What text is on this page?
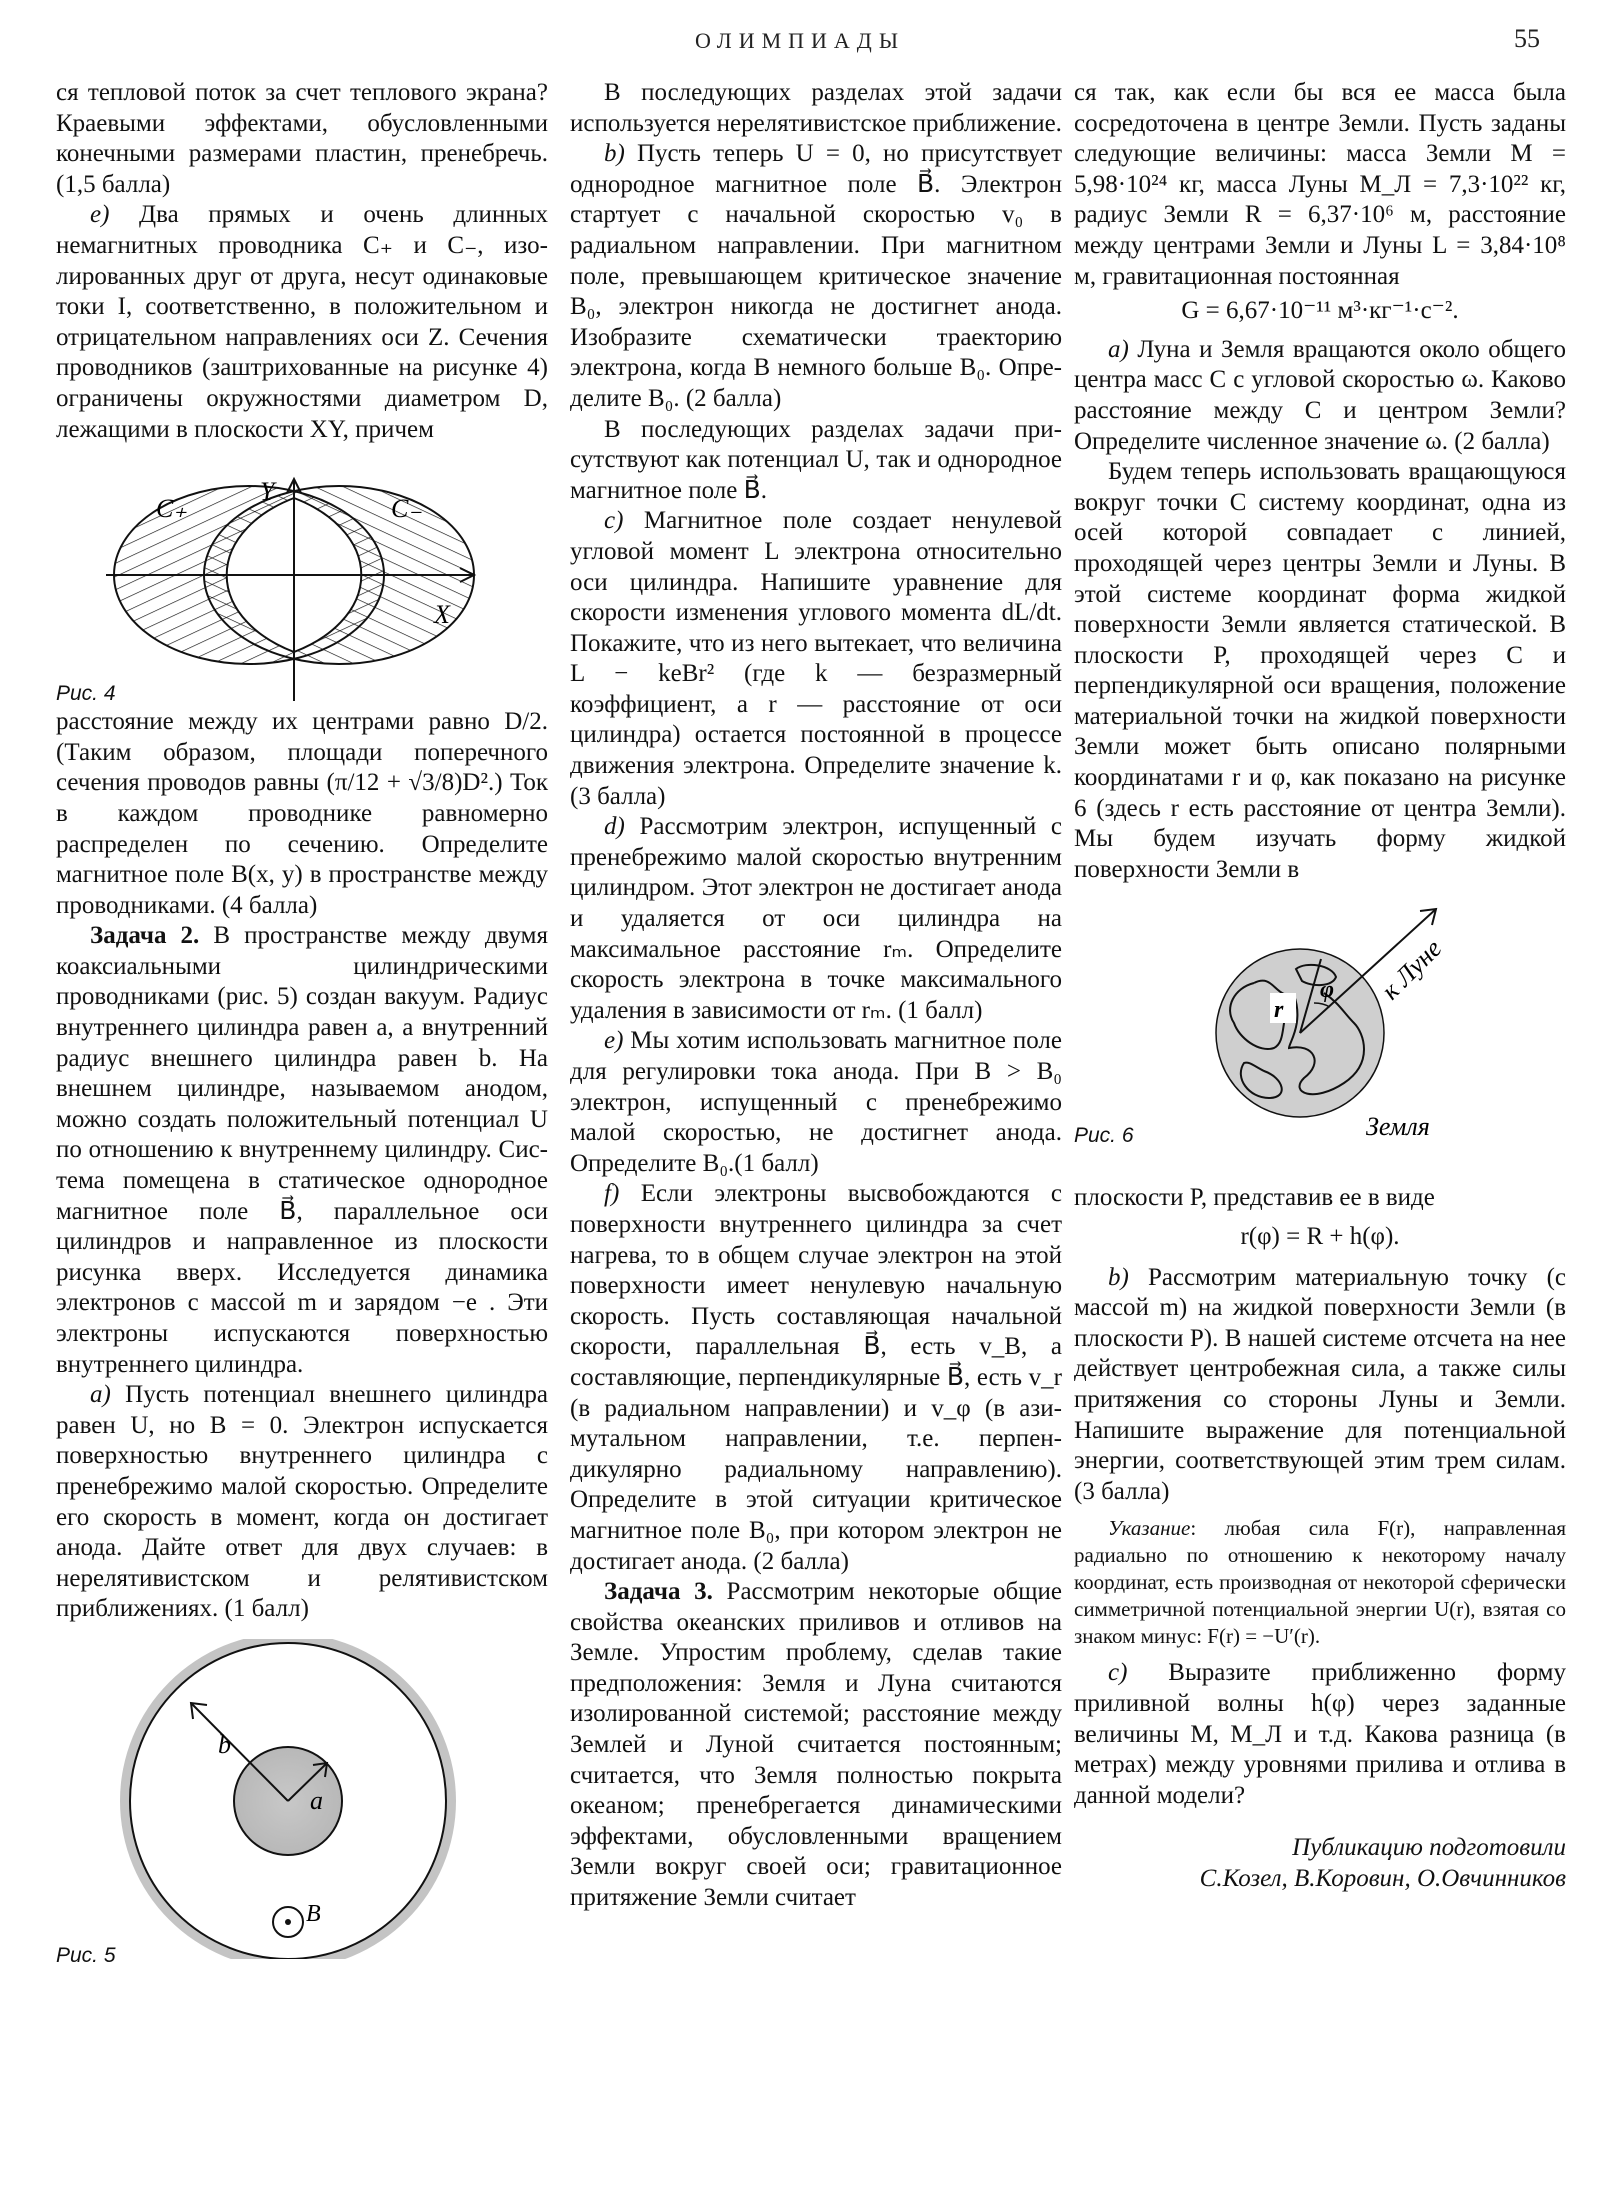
ОЛИМПИАДЫ	55

ся тепловой поток за счет теплового экрана? Краевыми эффектами, обусловленными конечными размерами пластин, пренебречь. (1,5 балла)

e) Два прямых и очень длинных немагнитных проводника C₊ и C₋, изолированных друг от друга, несут одинаковые токи I, соответственно, в положительном и отрицательном направлениях оси Z. Сечения проводников (заштрихованные на рисунке 4) ограничены окружностями диаметром D, лежащими в плоскости XY, причем

Y
X
C₊	C₋
Рис. 4

расстояние между их центрами равно D/2. (Таким образом, площади поперечного сечения проводов равны (π/12 + √3/8)D².) Ток в каждом проводнике равномерно распределен по сечению. Определите магнитное поле B(x, y) в пространстве между проводниками. (4 балла)

Задача 2. В пространстве между двумя коаксиальными цилиндрическими проводниками (рис. 5) создан вакуум. Радиус внутреннего цилиндра равен a, а внутренний радиус внешнего цилиндра равен b. На внешнем цилиндре, называемом анодом, можно создать положительный потенциал U по отношению к внутреннему цилиндру. Система помещена в статическое однородное магнитное поле B⃗, параллельное оси цилиндров и направленное из плоскости рисунка вверх. Исследуется динамика электронов с массой m и зарядом −e . Эти электроны испускаются поверхностью внутреннего цилиндра.

a) Пусть потенциал внешнего цилиндра равен U, но B = 0. Электрон испускается поверхностью внутреннего цилиндра с пренебрежимо малой скоростью. Определите его скорость в момент, когда он достигает анода. Дайте ответ для двух случаев: в нерелятивистском и релятивистском приближениях. (1 балл)

b
a
B
Рис. 5

В последующих разделах этой задачи используется нерелятивистское приближение.

b) Пусть теперь U = 0, но присутствует однородное магнитное поле B⃗. Электрон стартует с начальной скоростью v₀ в радиальном направлении. При магнитном поле, превышающем критическое значение B₀, электрон никогда не достигнет анода. Изобразите схематически траекторию электрона, когда B немного больше B₀. Определите B₀. (2 балла)

В последующих разделах задачи присутствуют как потенциал U, так и однородное магнитное поле B⃗.

c) Магнитное поле создает ненулевой угловой момент L электрона относительно оси цилиндра. Напишите уравнение для скорости изменения углового момента dL/dt. Покажите, что из него вытекает, что величина L − keBr² (где k — безразмерный коэффициент, а r — расстояние от оси цилиндра) остается постоянной в процессе движения электрона. Определите значение k. (3 балла)

d) Рассмотрим электрон, испущенный с пренебрежимо малой скоростью внутренним цилиндром. Этот электрон не достигает анода и удаляется от оси цилиндра на максимальное расстояние rₘ. Определите скорость электрона в точке максимального удаления в зависимости от rₘ. (1 балл)

e) Мы хотим использовать магнитное поле для регулировки тока анода. При B > B₀ электрон, испущенный с пренебрежимо малой скоростью, не достигнет анода. Определите B₀.(1 балл)

f) Если электроны высвобождаются с поверхности внутреннего цилиндра за счет нагрева, то в общем случае электрон на этой поверхности имеет ненулевую начальную скорость. Пусть составляющая начальной скорости, параллельная B⃗, есть v_B, а составляющие, перпендикулярные B⃗, есть v_r (в радиальном направлении) и v_φ (в азимутальном направлении, т.е. перпендикулярно радиальному направлению). Определите в этой ситуации критическое магнитное поле B₀, при котором электрон не достигает анода. (2 балла)

Задача 3. Рассмотрим некоторые общие свойства океанских приливов и отливов на Земле. Упростим проблему, сделав такие предположения: Земля и Луна считаются изолированной системой; расстояние между Землей и Луной считается постоянным; считается, что Земля полностью покрыта океаном; пренебрегается динамическими эффектами, обусловленными вращением Земли вокруг своей оси; гравитационное притяжение Земли считает

ся так, как если бы вся ее масса была сосредоточена в центре Земли. Пусть заданы следующие величины: масса Земли M = 5,98·10²⁴ кг, масса Луны M_Л = 7,3·10²² кг, радиус Земли R = 6,37·10⁶ м, расстояние между центрами Земли и Луны L = 3,84·10⁸ м, гравитационная постоянная

G = 6,67·10⁻¹¹ м³·кг⁻¹·с⁻².

a) Луна и Земля вращаются около общего центра масс C с угловой скоростью ω. Каково расстояние между C и центром Земли? Определите численное значение ω. (2 балла)

Будем теперь использовать вращающуюся вокруг точки C систему координат, одна из осей которой совпадает с линией, проходящей через центры Земли и Луны. В этой системе координат форма жидкой поверхности Земли является статической. В плоскости P, проходящей через C и перпендикулярной оси вращения, положение материальной точки на жидкой поверхности Земли может быть описано полярными координатами r и φ, как показано на рисунке 6 (здесь r есть расстояние от центра Земли). Мы будем изучать форму жидкой поверхности Земли в

r
φ к Луне
Земля
Рис. 6

плоскости P, представив ее в виде

r(φ) = R + h(φ).

b) Рассмотрим материальную точку (с массой m) на жидкой поверхности Земли (в плоскости P). В нашей системе отсчета на нее действует центробежная сила, а также силы притяжения со стороны Луны и Земли. Напишите выражение для потенциальной энергии, соответствующей этим трем силам. (3 балла)

Указание: любая сила F(r), направленная радиально по отношению к некоторому началу координат, есть производная от некоторой сферически симметричной потенциальной энергии U(r), взятая со знаком минус: F(r) = −U′(r).

c) Выразите приближенно форму приливной волны h(φ) через заданные величины M, M_Л и т.д. Какова разница (в метрах) между уровнями прилива и отлива в данной модели?

Публикацию подготовили

С.Козел, В.Коровин, О.Овчинников
